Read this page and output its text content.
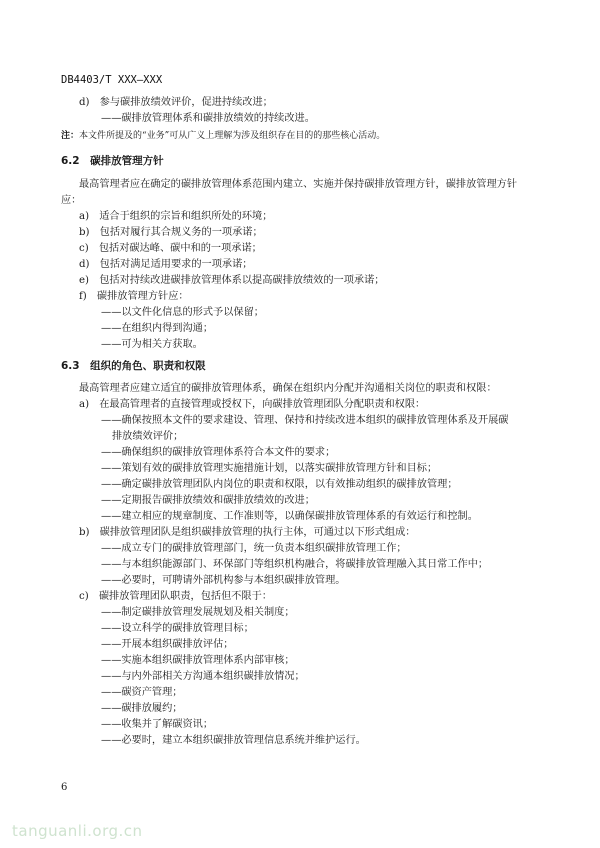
DB4403/T XXX—XXX
d)　参与碳排放绩效评价，促进持续改进；
——碳排放管理体系和碳排放绩效的持续改进。
注：本文件所提及的“业务”可从广义上理解为涉及组织存在目的的那些核心活动。
6.2　碳排放管理方针
最高管理者应在确定的碳排放管理体系范围内建立、实施并保持碳排放管理方针，碳排放管理方针
应：
a)　适合于组织的宗旨和组织所处的环境；
b)　包括对履行其合规义务的一项承诺；
c)　包括对碳达峰、碳中和的一项承诺；
d)　包括对满足适用要求的一项承诺；
e)　包括对持续改进碳排放管理体系以提高碳排放绩效的一项承诺；
f)　碳排放管理方针应：
——以文件化信息的形式予以保留；
——在组织内得到沟通；
——可为相关方获取。
6.3　组织的角色、职责和权限
最高管理者应建立适宜的碳排放管理体系，确保在组织内分配并沟通相关岗位的职责和权限：
a)　在最高管理者的直接管理或授权下，向碳排放管理团队分配职责和权限：
——确保按照本文件的要求建设、管理、保持和持续改进本组织的碳排放管理体系及开展碳
排放绩效评价；
——确保组织的碳排放管理体系符合本文件的要求；
——策划有效的碳排放管理实施措施计划，以落实碳排放管理方针和目标；
——确定碳排放管理团队内岗位的职责和权限，以有效推动组织的碳排放管理；
——定期报告碳排放绩效和碳排放绩效的改进；
——建立相应的规章制度、工作准则等，以确保碳排放管理体系的有效运行和控制。
b)　碳排放管理团队是组织碳排放管理的执行主体，可通过以下形式组成：
——成立专门的碳排放管理部门，统一负责本组织碳排放管理工作；
——与本组织能源部门、环保部门等组织机构融合，将碳排放管理融入其日常工作中；
——必要时，可聘请外部机构参与本组织碳排放管理。
c)　碳排放管理团队职责，包括但不限于：
——制定碳排放管理发展规划及相关制度；
——设立科学的碳排放管理目标；
——开展本组织碳排放评估；
——实施本组织碳排放管理体系内部审核；
——与内外部相关方沟通本组织碳排放情况；
——碳资产管理；
——碳排放履约；
——收集并了解碳资讯；
——必要时，建立本组织碳排放管理信息系统并维护运行。
6
tanguanli.org.cn
